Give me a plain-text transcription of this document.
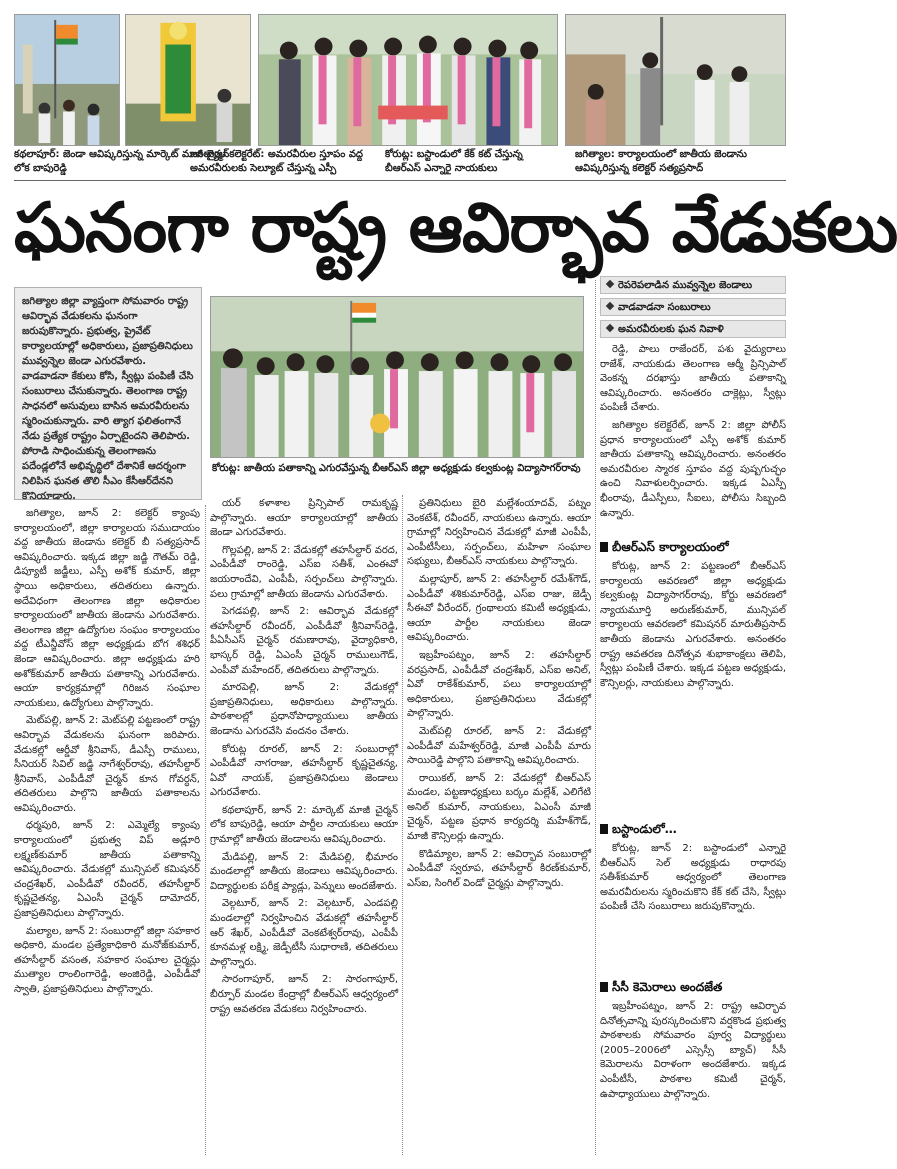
కథలాపూర్: జెండా ఆవిష్కరిస్తున్న మార్కెట్ మాజీ చైర్మన్ లోక బాపురెడ్డి
జగిత్యాల కలెక్టరేట్: అమరవీరుల స్తూపం వద్ద అమరవీరులకు సెల్యూట్ చేస్తున్న ఎస్పీ
కోరుట్ల: బస్టాండులో కేక్ కట్ చేస్తున్న బీఆర్ఎస్ ఎన్నారై నాయకులు
జగిత్యాల: కార్యాలయంలో జాతీయ జెండాను ఆవిష్కరిస్తున్న కలెక్టర్ సత్యప్రసాద్
ఘనంగా రాష్ట్ర ఆవిర్భావ వేడుకలు
జగిత్యాల జిల్లా వ్యాప్తంగా సోమవారం రాష్ట్ర ఆవిర్భావ వేడుకలను ఘనంగా జరుపుకొన్నారు. ప్రభుత్వ, ప్రైవేట్ కార్యాలయాల్లో అధికారులు, ప్రజాప్రతినిధులు మువ్వన్నెల జెండా ఎగురవేశారు. వాడవాడనా కేకులు కోసి, స్వీట్లు పంపిణీ చేసి సంబురాలు చేసుకున్నారు. తెలంగాణ రాష్ట్ర సాధనలో అసువులు బాసిన అమరవీరులను స్మరించుకున్నారు. వారి త్యాగ ఫలితంగానే నేడు ప్రత్యేక రాష్ట్రం ఏర్పాటైందని తెలిపారు. పోరాడి సాధించుకున్న తెలంగాణను పదేండ్లలోనే అభివృద్ధిలో దేశానికే ఆదర్శంగా నిలిపిన ఘనత తొలి సీఎం కేసీఆర్‌దేనని కొనియాడారు.
కోరుట్ల: జాతీయ పతాకాన్ని ఎగురవేస్తున్న బీఆర్ఎస్ జిల్లా అధ్యక్షుడు కల్వకుంట్ల విద్యాసాగర్‌రావు
రెపరెపలాడిన మువ్వన్నెల జెండాలు
వాడవాడనా సంబురాలు
అమరవీరులకు ఘన నివాళి

జగిత్యాల, జూన్ 2: కలెక్టర్ క్యాంపు కార్యాలయంలో, జిల్లా కార్యాలయ సముదాయం వద్ద జాతీయ జెండాను కలెక్టర్ బీ సత్యప్రసాద్ ఆవిష్కరించారు. ఇక్కడ జిల్లా జడ్జి గౌతమ్ రెడ్డి, డిప్యూటీ జడ్జీలు, ఎస్పీ అశోక్ కుమార్, జిల్లా స్థాయి అధికారులు, తదితరులు ఉన్నారు. అదేవిధంగా తెలంగాణ జిల్లా అధికారుల కార్యాలయంలో జాతీయ జెండాను ఎగురవేశారు. తెలంగాణ జిల్లా ఉద్యోగుల సంఘం కార్యాలయం వద్ద టీఎన్జీవోస్ జిల్లా అధ్యక్షుడు బోగ శశిధర్ జెండా ఆవిష్కరించారు. జిల్లా అధ్యక్షుడు హరి అశోక్‌కుమార్ జాతీయ పతాకాన్ని ఎగురవేశారు. ఆయా కార్యక్రమాల్లో గిరిజన సంఘాల నాయకులు, ఉద్యోగులు పాల్గొన్నారు.

మెట్‌పల్లి, జూన్ 2: మెట్‌పల్లి పట్టణంలో రాష్ట్ర ఆవిర్భావ వేడుకలను ఘనంగా జరిపారు. వేడుకల్లో ఆర్డీవో శ్రీనివాస్, డీఎస్పీ రాములు, సీనియర్ సివిల్ జడ్జి నాగేశ్వర్‌రావు, తహసీల్దార్ శ్రీనివాస్, ఎంపీడీవో చైర్మన్ కూన గోవర్ధన్, తదితరులు పాల్గొని జాతీయ పతాకాలను ఆవిష్కరించారు.

ధర్మపురి, జూన్ 2: ఎమ్మెల్యే క్యాంపు కార్యాలయంలో ప్రభుత్వ విప్ అడ్లూరి లక్ష్మణ్‌కుమార్ జాతీయ పతాకాన్ని ఆవిష్కరించారు. వేడుకల్లో మున్సిపల్ కమిషనర్ చంద్రశేఖర్, ఎంపీడీవో రవీందర్, తహసీల్దార్ కృష్ణచైతన్య, ఏఎంసీ చైర్మన్ దామోదర్, ప్రజాప్రతినిధులు పాల్గొన్నారు.

మల్యాల, జూన్ 2: సంబురాల్లో జిల్లా సహకార అధికారి, మండల ప్రత్యేకాధికారి మనోజ్‌కుమార్, తహసీల్దార్ వసంత, సహకార సంఘాల చైర్మన్లు ముత్యాల రాంలింగారెడ్డి, అంజిరెడ్డి, ఎంపీడీవో స్వాతి, ప్రజాప్రతినిధులు పాల్గొన్నారు.

యర్ కళాశాల ప్రిన్సిపాల్ రామకృష్ణ పాల్గొన్నారు. ఆయా కార్యాలయాల్లో జాతీయ జెండా ఎగురవేశారు.

గొల్లపల్లి, జూన్ 2: వేడుకల్లో తహసీల్దార్ వరద, ఎంపీడీవో రాంరెడ్డి, ఎస్ఐ సతీశ్, ఎంఈవో జయరాందేవి, ఎంపీపీ, సర్పంచ్‌లు పాల్గొన్నారు. పలు గ్రామాల్లో జాతీయ జెండాను ఎగురవేశారు.

పెగడపల్లి, జూన్ 2: ఆవిర్భావ వేడుకల్లో తహసీల్దార్ రవీందర్, ఎంపీడీవో శ్రీనివాస్‌రెడ్డి, పీఏసీఎస్ చైర్మన్ రమణారావు, వైద్యాధికారి, భాస్కర్ రెడ్డి, ఏఎంసీ చైర్మన్ రాములుగౌడ్, ఎంపీవో మహేందర్, తదితరులు పాల్గొన్నారు.

మారపెల్లి, జూన్ 2: వేడుకల్లో ప్రజాప్రతినిధులు, అధికారులు పాల్గొన్నారు. పాఠశాలల్లో ప్రధానోపాధ్యాయులు జాతీయ జెండాను ఎగురవేసి వందనం చేశారు.

కోరుట్ల రూరల్, జూన్ 2: సంబురాల్లో ఎంపీడీవో నాగరాజు, తహసీల్దార్ కృష్ణచైతన్య, ఏవో నాయక్, ప్రజాప్రతినిధులు జెండాలు ఎగురవేశారు.

కథలాపూర్, జూన్ 2: మార్కెట్ మాజీ చైర్మన్ లోక బాపురెడ్డి, ఆయా పార్టీల నాయకులు ఆయా గ్రామాల్లో జాతీయ జెండాలను ఆవిష్కరించారు.

మేడిపల్లి, జూన్ 2: మేడిపల్లి, భీమారం మండలాల్లో జాతీయ జెండాలు ఆవిష్కరించారు. విద్యార్థులకు పరీక్ష ప్యాడ్లు, పెన్నులు అందజేశారు.

వెల్గటూర్, జూన్ 2: వెల్గటూర్, ఎండపల్లి మండలాల్లో నిర్వహించిన వేడుకల్లో తహసీల్దార్ ఆర్ శేఖర్, ఎంపీడీవో వెంకటేశ్వర్‌రావు, ఎంపీపీ కూనమళ్ల లక్ష్మి, జెడ్పీటీసీ సుధారాణి, తదితరులు పాల్గొన్నారు.

సారంగాపూర్, జూన్ 2: సారంగాపూర్, బీర్పూర్ మండల కేంద్రాల్లో బీఆర్ఎస్ ఆధ్వర్యంలో రాష్ట్ర ఆవతరణ వేడుకలు నిర్వహించారు.

ప్రతినిధులు బైరి మల్లేశంయాదవ్, పట్నం వెంకటేశ్, రవీందర్, నాయకులు ఉన్నారు. ఆయా గ్రామాల్లో నిర్వహించిన వేడుకల్లో మాజీ ఎంపీపీ, ఎంపీటీసీలు, సర్పంచ్‌లు, మహిళా సంఘాల సభ్యులు, బీఆర్ఎస్ నాయకులు పాల్గొన్నారు.

మల్లాపూర్, జూన్ 2: తహసీల్దార్ రమేశ్‌గౌడ్, ఎంపీడీవో శశికుమార్‌రెడ్డి, ఎస్ఐ రాజు, జెడ్పీ సీఈవో వీరేందర్, గ్రంథాలయ కమిటీ అధ్యక్షుడు, ఆయా పార్టీల నాయకులు జెండా ఆవిష్కరించారు.

ఇబ్రహీంపట్నం, జూన్ 2: తహసీల్దార్ వరప్రసాద్, ఎంపీడీవో చంద్రశేఖర్, ఎస్ఐ అనిల్, ఏవో రాకేశ్‌కుమార్, పలు కార్యాలయాల్లో అధికారులు, ప్రజాప్రతినిధులు వేడుకల్లో పాల్గొన్నారు.

మెట్‌పల్లి రూరల్, జూన్ 2: వేడుకల్లో ఎంపీడీవో మహేశ్వర్‌రెడ్డి, మాజీ ఎంపీపీ మారు సాయిరెడ్డి పాల్గొని పతాకాన్ని ఆవిష్కరించారు.

రాయికల్, జూన్ 2: వేడుకల్లో బీఆర్ఎస్ మండల, పట్టణాధ్యక్షులు బర్కం మల్లేశ్, ఎలిగేటి అనిల్ కుమార్, నాయకులు, ఏఎంసీ మాజీ చైర్మన్, పట్టణ ప్రధాన కార్యదర్శి మహేశ్‌గౌడ్, మాజీ కౌన్సిలర్లు ఉన్నారు.

కొడిమ్యాల, జూన్ 2: ఆవిర్భావ సంబురాల్లో ఎంపీడీవో స్వరూప, తహసీల్దార్ కిరణ్‌కుమార్, ఎస్ఐ, సింగిల్ విండో చైర్మన్లు పాల్గొన్నారు.

రెడ్డి, పాలు రాజేందర్, పశు వైద్యురాలు రాజేశ్, నాయకుడు తెలంగాణ ఆర్మీ ప్రిన్సిపాల్ వెంకన్న దరఖాస్తు జాతీయ పతాకాన్ని ఆవిష్కరించారు. అనంతరం చాక్లెట్లు, స్వీట్లు పంపిణీ చేశారు.

జగిత్యాల కలెక్టరేట్, జూన్ 2: జిల్లా పోలీస్ ప్రధాన కార్యాలయంలో ఎస్పీ అశోక్ కుమార్ జాతీయ పతాకాన్ని ఆవిష్కరించారు. అనంతరం అమరవీరుల స్మారక స్తూపం వద్ద పుష్పగుచ్ఛం ఉంచి నివాళులర్పించారు. ఇక్కడ ఏఎస్పీ భీంరావు, డీఎస్పీలు, సీఐలు, పోలీసు సిబ్బంది ఉన్నారు.

బీఆర్ఎస్ కార్యాలయంలో

కోరుట్ల, జూన్ 2: పట్టణంలో బీఆర్ఎస్ కార్యాలయ ఆవరణలో జిల్లా అధ్యక్షుడు కల్వకుంట్ల విద్యాసాగర్‌రావు, కోర్టు ఆవరణలో న్యాయమూర్తి అరుణ్‌కుమార్, మున్సిపల్ కార్యాలయ ఆవరణలో కమిషనర్ మారుతీప్రసాద్ జాతీయ జెండాను ఎగురవేశారు. అనంతరం రాష్ట్ర ఆవతరణ దినోత్సవ శుభాకాంక్షలు తెలిపి, స్వీట్లు పంపిణీ చేశారు. ఇక్కడ పట్టణ అధ్యక్షుడు, కౌన్సిలర్లు, నాయకులు పాల్గొన్నారు.

బస్టాండులో…

కోరుట్ల, జూన్ 2: బస్టాండులో ఎన్నారై బీఆర్ఎస్ సెల్ అధ్యక్షుడు రాధారపు సతీశ్‌కుమార్ ఆధ్వర్యంలో తెలంగాణ అమరవీరులను స్మరించుకొని కేక్ కట్ చేసి, స్వీట్లు పంపిణీ చేసి సంబురాలు జరుపుకొన్నారు.

సీసీ కెమెరాలు అందజేత

ఇబ్రహీంపట్నం, జూన్ 2: రాష్ట్ర ఆవిర్భావ దినోత్సవాన్ని పురస్కరించుకొని వర్షకొండ ప్రభుత్వ పాఠశాలకు సోమవారం పూర్వ విద్యార్థులు (2005–2006లో ఎస్సెస్సీ బ్యాచ్) సీసీ కెమెరాలను విరాళంగా అందజేశారు. ఇక్కడ ఎంపీటీసీ, పాఠశాల కమిటీ చైర్మన్, ఉపాధ్యాయులు పాల్గొన్నారు.
